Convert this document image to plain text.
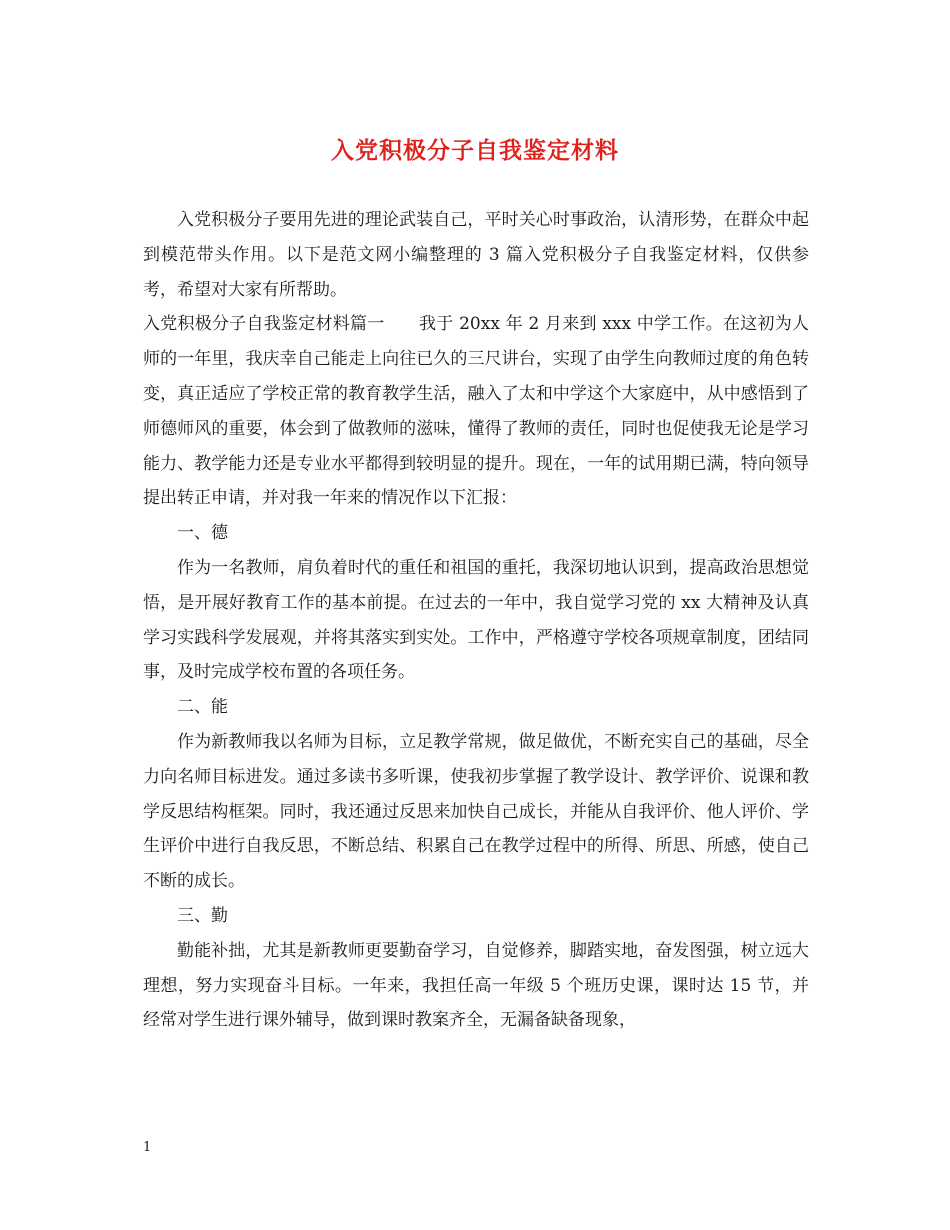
入党积极分子自我鉴定材料

入党积极分子要用先进的理论武装自己，平时关心时事政治，认清形势，在群众中起到模范带头作用。以下是范文网小编整理的 3 篇入党积极分子自我鉴定材料，仅供参考，希望对大家有所帮助。

入党积极分子自我鉴定材料篇一　　我于 20xx 年 2 月来到 xxx 中学工作。在这初为人师的一年里，我庆幸自己能走上向往已久的三尺讲台，实现了由学生向教师过度的角色转变，真正适应了学校正常的教育教学生活，融入了太和中学这个大家庭中，从中感悟到了师德师风的重要，体会到了做教师的滋味，懂得了教师的责任，同时也促使我无论是学习能力、教学能力还是专业水平都得到较明显的提升。现在，一年的试用期已满，特向领导提出转正申请，并对我一年来的情况作以下汇报：

一、德

作为一名教师，肩负着时代的重任和祖国的重托，我深切地认识到，提高政治思想觉悟，是开展好教育工作的基本前提。在过去的一年中，我自觉学习党的 xx 大精神及认真学习实践科学发展观，并将其落实到实处。工作中，严格遵守学校各项规章制度，团结同事，及时完成学校布置的各项任务。

二、能

作为新教师我以名师为目标，立足教学常规，做足做优，不断充实自己的基础，尽全力向名师目标进发。通过多读书多听课，使我初步掌握了教学设计、教学评价、说课和教学反思结构框架。同时，我还通过反思来加快自己成长，并能从自我评价、他人评价、学生评价中进行自我反思，不断总结、积累自己在教学过程中的所得、所思、所感，使自己不断的成长。

三、勤

勤能补拙，尤其是新教师更要勤奋学习，自觉修养，脚踏实地，奋发图强，树立远大理想，努力实现奋斗目标。一年来，我担任高一年级 5 个班历史课，课时达 15 节，并经常对学生进行课外辅导，做到课时教案齐全，无漏备缺备现象，

1
